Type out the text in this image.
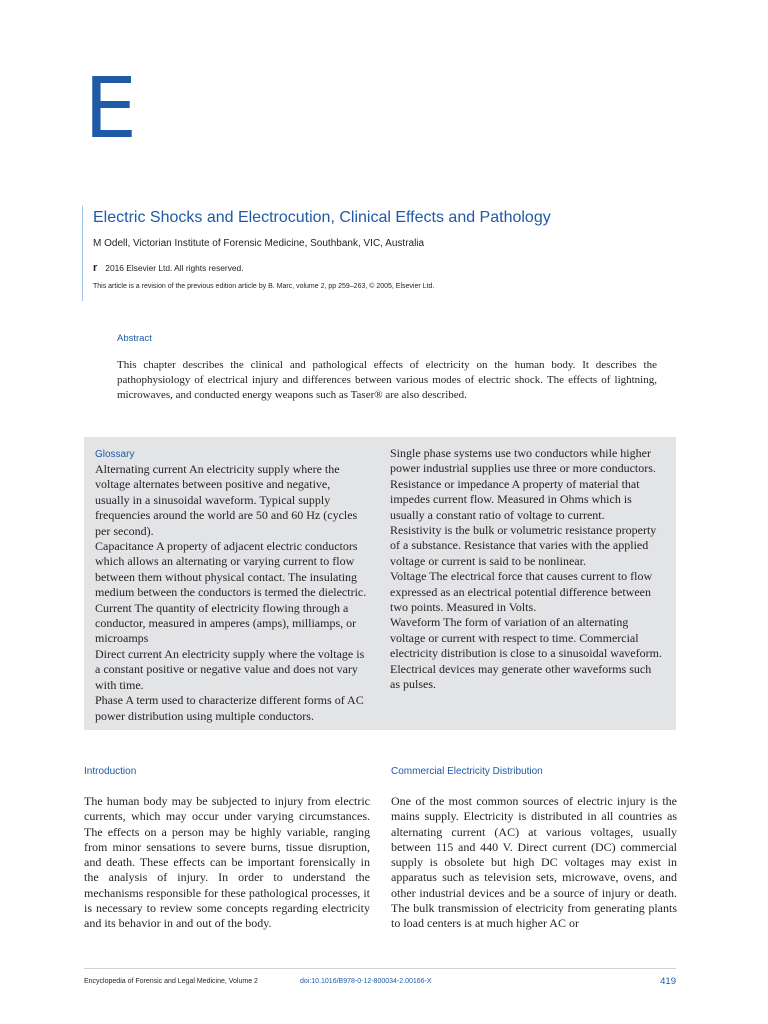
E
Electric Shocks and Electrocution, Clinical Effects and Pathology
M Odell, Victorian Institute of Forensic Medicine, Southbank, VIC, Australia
r 2016 Elsevier Ltd. All rights reserved.
This article is a revision of the previous edition article by B. Marc, volume 2, pp 259–263, © 2005, Elsevier Ltd.
Abstract
This chapter describes the clinical and pathological effects of electricity on the human body. It describes the pathophysiology of electrical injury and differences between various modes of electric shock. The effects of lightning, microwaves, and conducted energy weapons such as Taser® are also described.
Glossary

Alternating current An electricity supply where the voltage alternates between positive and negative, usually in a sinusoidal waveform. Typical supply frequencies around the world are 50 and 60 Hz (cycles per second).

Capacitance A property of adjacent electric conductors which allows an alternating or varying current to flow between them without physical contact. The insulating medium between the conductors is termed the dielectric.

Current The quantity of electricity flowing through a conductor, measured in amperes (amps), milliamps, or microamps

Direct current An electricity supply where the voltage is a constant positive or negative value and does not vary with time.

Phase A term used to characterize different forms of AC power distribution using multiple conductors.

Single phase systems use two conductors while higher power industrial supplies use three or more conductors.

Resistance or impedance A property of material that impedes current flow. Measured in Ohms which is usually a constant ratio of voltage to current.

Resistivity is the bulk or volumetric resistance property of a substance. Resistance that varies with the applied voltage or current is said to be nonlinear.

Voltage The electrical force that causes current to flow expressed as an electrical potential difference between two points. Measured in Volts.

Waveform The form of variation of an alternating voltage or current with respect to time. Commercial electricity distribution is close to a sinusoidal waveform. Electrical devices may generate other waveforms such as pulses.

Introduction	Commercial Electricity Distribution

The human body may be subjected to injury from electric currents, which may occur under varying circumstances. The effects on a person may be highly variable, ranging from minor sensations to severe burns, tissue disruption, and death. These effects can be important forensically in the analysis of injury. In order to understand the mechanisms responsible for these pathological processes, it is necessary to review some concepts regarding electricity and its behavior in and out of the body.

One of the most common sources of electric injury is the mains supply. Electricity is distributed in all countries as alternating current (AC) at various voltages, usually between 115 and 440 V. Direct current (DC) commercial supply is obsolete but high DC voltages may exist in apparatus such as television sets, microwave, ovens, and other industrial devices and be a source of injury or death. The bulk transmission of electricity from generating plants to load centers is at much higher AC or

Encyclopedia of Forensic and Legal Medicine, Volume 2	doi:10.1016/B978-0-12-800034-2.00166-X	419
